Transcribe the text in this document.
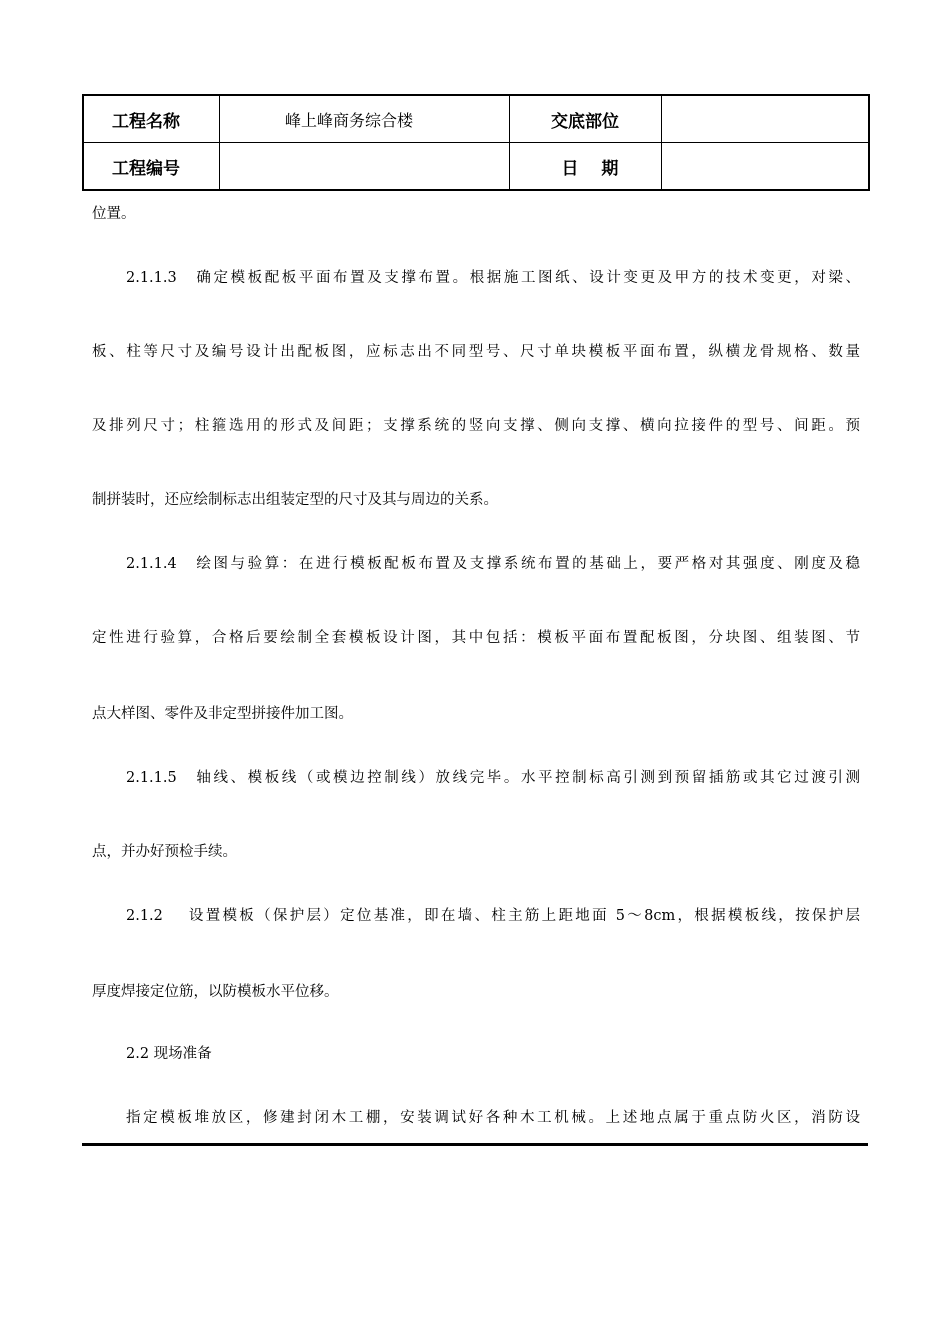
工程名称	峰上峰商务综合楼	交底部位	
工程编号		日　 期	
位置。
2.1.1.3　确定模板配板平面布置及支撑布置。根据施工图纸、设计变更及甲方的技术变更，对梁、
板、柱等尺寸及编号设计出配板图，应标志出不同型号、尺寸单块模板平面布置，纵横龙骨规格、数量
及排列尺寸；柱箍选用的形式及间距；支撑系统的竖向支撑、侧向支撑、横向拉接件的型号、间距。预
制拼装时，还应绘制标志出组装定型的尺寸及其与周边的关系。
2.1.1.4　绘图与验算：在进行模板配板布置及支撑系统布置的基础上，要严格对其强度、刚度及稳
定性进行验算，合格后要绘制全套模板设计图，其中包括：模板平面布置配板图，分块图、组装图、节
点大样图、零件及非定型拼接件加工图。
2.1.1.5　轴线、模板线（或模边控制线）放线完毕。水平控制标高引测到预留插筋或其它过渡引测
点，并办好预检手续。
2.1.2　 设置模板（保护层）定位基准，即在墙、柱主筋上距地面 5～8cm，根据模板线，按保护层
厚度焊接定位筋，以防模板水平位移。
2.2 现场准备
指定模板堆放区，修建封闭木工棚，安装调试好各种木工机械。上述地点属于重点防火区，消防设
